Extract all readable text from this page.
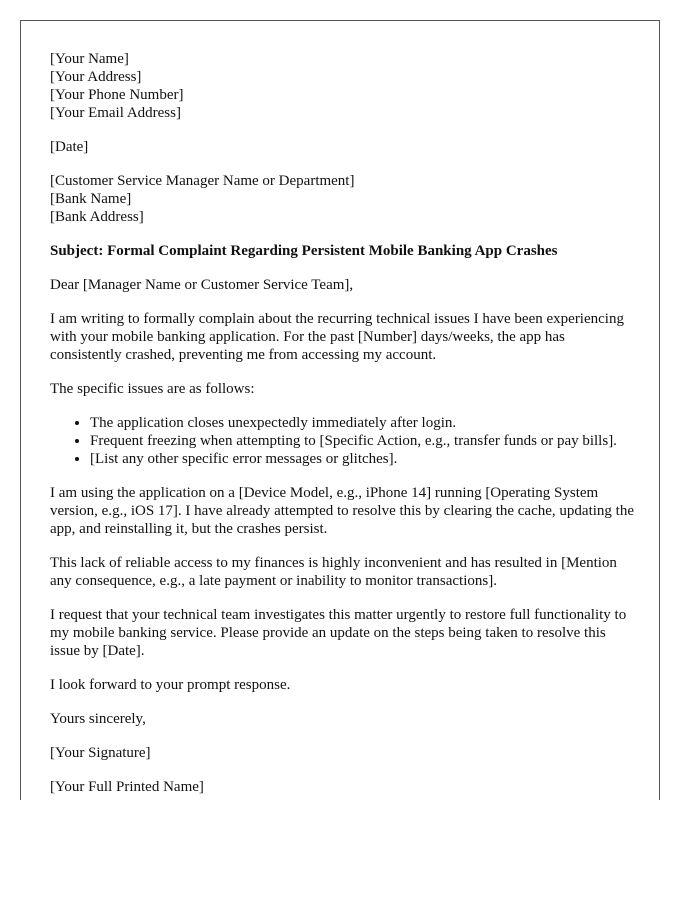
[Your Name]
[Your Address]
[Your Phone Number]
[Your Email Address]

[Date]

[Customer Service Manager Name or Department]
[Bank Name]
[Bank Address]

Subject: Formal Complaint Regarding Persistent Mobile Banking App Crashes

Dear [Manager Name or Customer Service Team],

I am writing to formally complain about the recurring technical issues I have been experiencing with your mobile banking application. For the past [Number] days/weeks, the app has consistently crashed, preventing me from accessing my account.

The specific issues are as follows:

• The application closes unexpectedly immediately after login.
• Frequent freezing when attempting to [Specific Action, e.g., transfer funds or pay bills].
• [List any other specific error messages or glitches].

I am using the application on a [Device Model, e.g., iPhone 14] running [Operating System version, e.g., iOS 17]. I have already attempted to resolve this by clearing the cache, updating the app, and reinstalling it, but the crashes persist.

This lack of reliable access to my finances is highly inconvenient and has resulted in [Mention any consequence, e.g., a late payment or inability to monitor transactions].

I request that your technical team investigates this matter urgently to restore full functionality to my mobile banking service. Please provide an update on the steps being taken to resolve this issue by [Date].

I look forward to your prompt response.

Yours sincerely,

[Your Signature]

[Your Full Printed Name]
